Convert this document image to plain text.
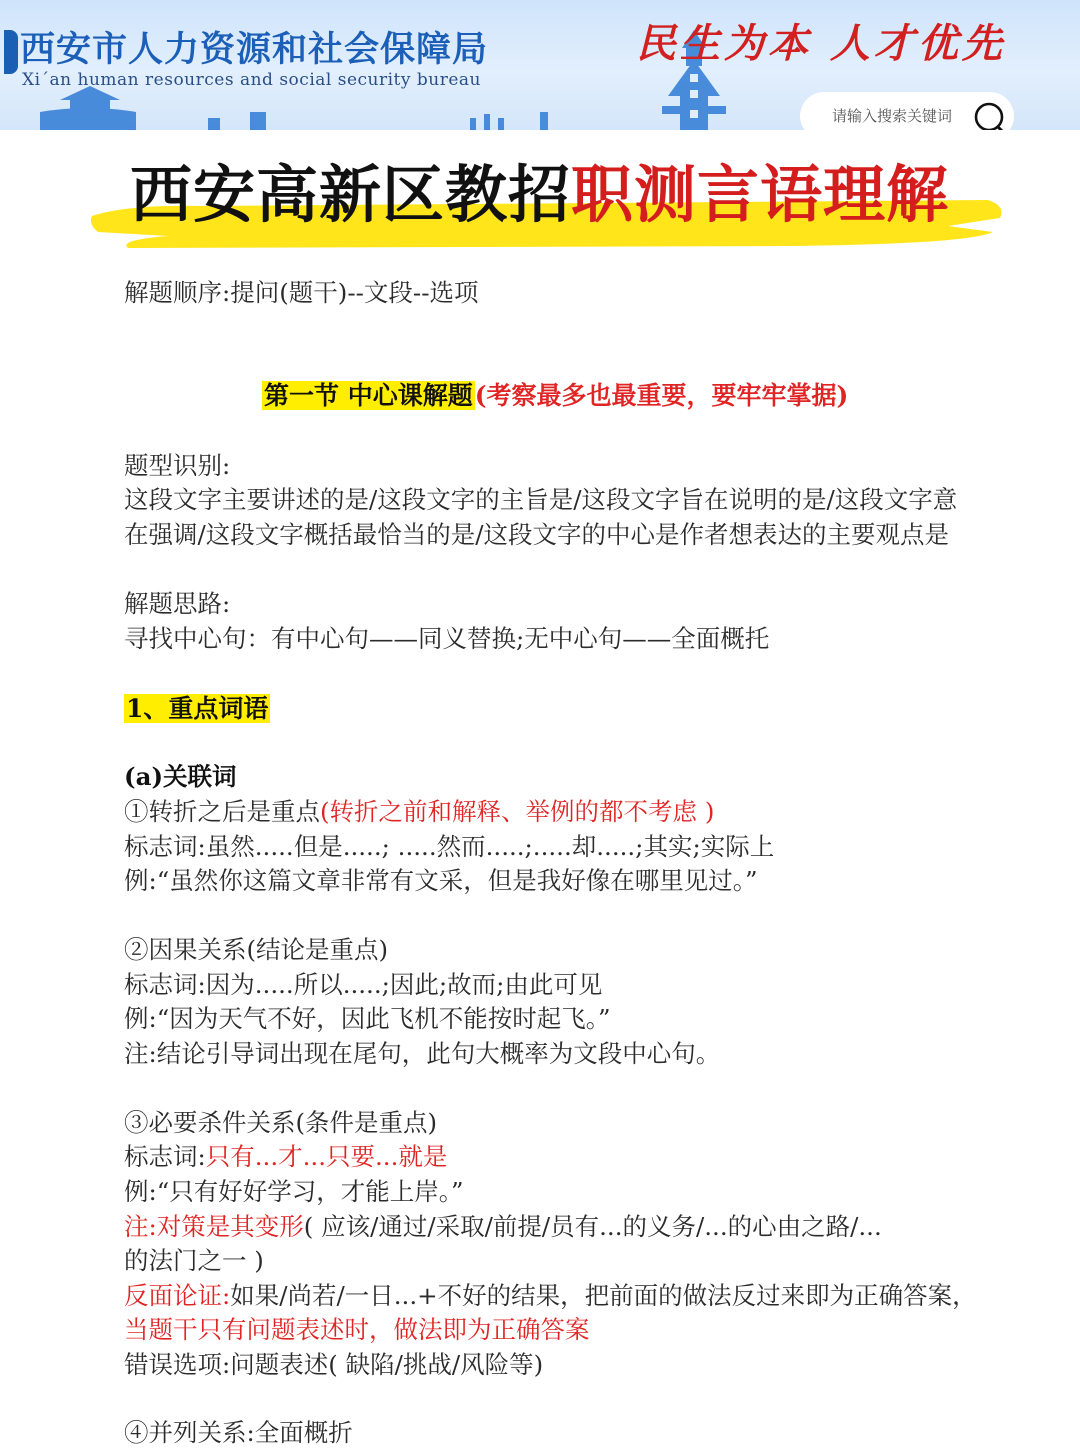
西安市人力资源和社会保障局
Xi´an human resources and social security bureau
民生为本 人才优先
请输入搜索关键词
西安高新区教招职测言语理解
解题顺序:提问(题干)--文段--选项
第一节 中心课解题(考察最多也最重要，要牢牢掌据)
题型识别:
这段文字主要讲述的是/这段文字的主旨是/这段文字旨在说明的是/这段文字意
在强调/这段文字概括最恰当的是/这段文字的中心是作者想表达的主要观点是
解题思路:
寻找中心句：有中心句——同义替换;无中心句——全面概托
1、重点词语
(a)关联词
①转折之后是重点(转折之前和解释、举例的都不考虑 )
标志词:虽然.....但是.....; .....然而.....;.....却.....;其实;实际上
例:“虽然你这篇文章非常有文采，但是我好像在哪里见过。”
②因果关系(结论是重点)
标志词:因为.....所以.....;因此;故而;由此可见
例:“因为天气不好，因此飞机不能按时起飞。”
注:结论引导词出现在尾句，此句大概率为文段中心句。
③必要杀件关系(条件是重点)
标志词:只有...才...只要...就是
例:“只有好好学习，才能上岸。”
注:对策是其变形( 应该/通过/采取/前提/员有...的义务/...的心由之路/...
的法门之一 )
反面论证:如果/尚若/一日...+不好的结果，把前面的做法反过来即为正确答案，
当题干只有问题表述时，做法即为正确答案
错误选项:问题表述( 缺陷/挑战/风险等)
④并列关系:全面概折
